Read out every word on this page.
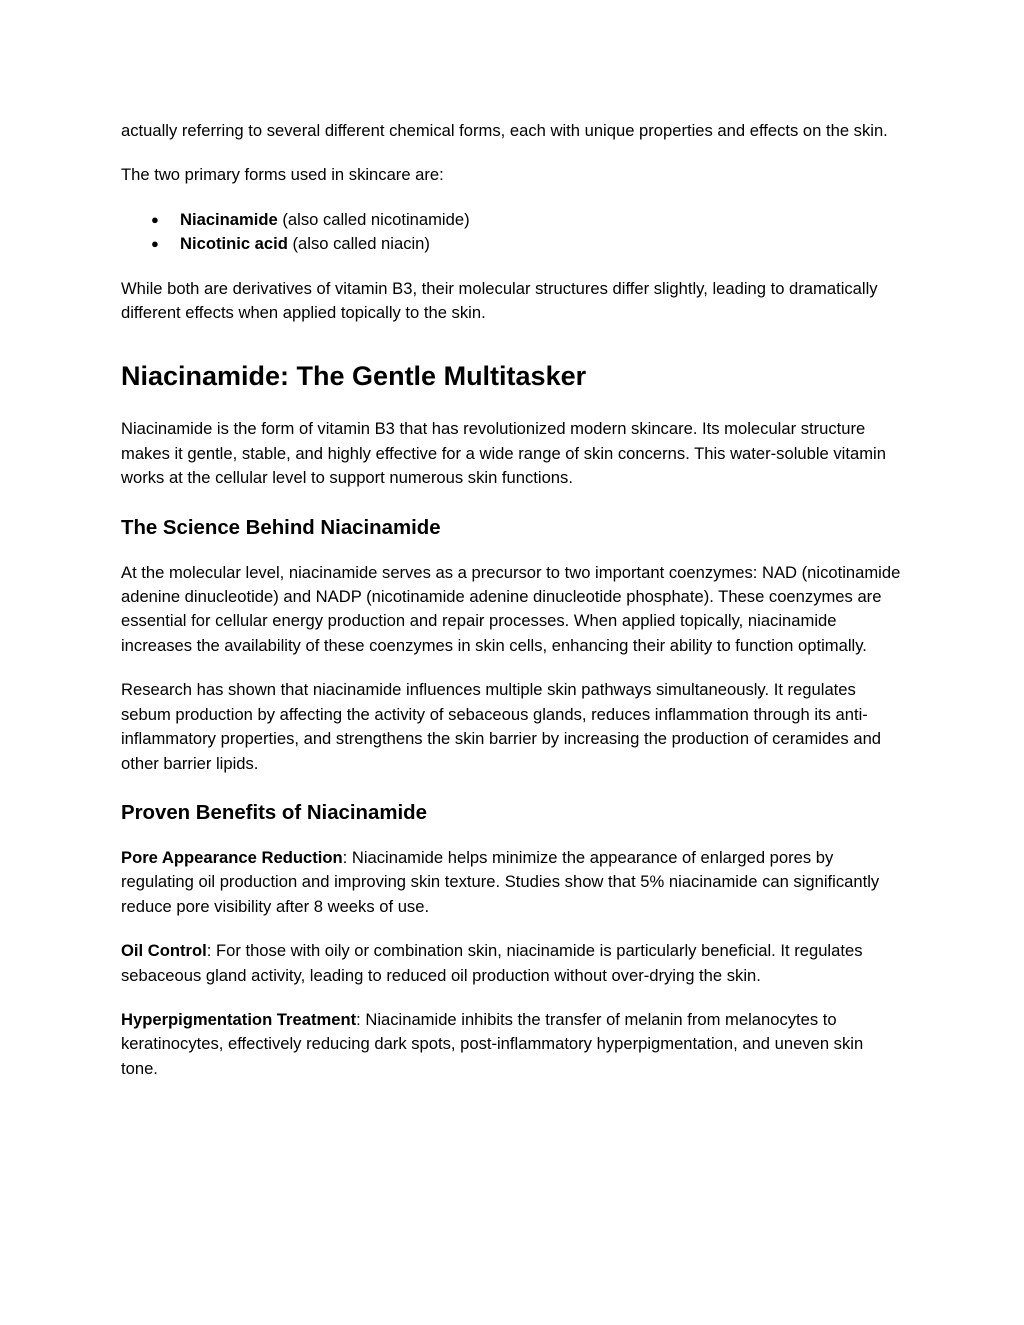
actually referring to several different chemical forms, each with unique properties and effects on the skin.

The two primary forms used in skincare are:

● Niacinamide (also called nicotinamide)
● Nicotinic acid (also called niacin)

While both are derivatives of vitamin B3, their molecular structures differ slightly, leading to dramatically different effects when applied topically to the skin.

Niacinamide: The Gentle Multitasker

Niacinamide is the form of vitamin B3 that has revolutionized modern skincare. Its molecular structure makes it gentle, stable, and highly effective for a wide range of skin concerns. This water-soluble vitamin works at the cellular level to support numerous skin functions.

The Science Behind Niacinamide

At the molecular level, niacinamide serves as a precursor to two important coenzymes: NAD (nicotinamide adenine dinucleotide) and NADP (nicotinamide adenine dinucleotide phosphate). These coenzymes are essential for cellular energy production and repair processes. When applied topically, niacinamide increases the availability of these coenzymes in skin cells, enhancing their ability to function optimally.

Research has shown that niacinamide influences multiple skin pathways simultaneously. It regulates sebum production by affecting the activity of sebaceous glands, reduces inflammation through its anti-inflammatory properties, and strengthens the skin barrier by increasing the production of ceramides and other barrier lipids.

Proven Benefits of Niacinamide

Pore Appearance Reduction: Niacinamide helps minimize the appearance of enlarged pores by regulating oil production and improving skin texture. Studies show that 5% niacinamide can significantly reduce pore visibility after 8 weeks of use.

Oil Control: For those with oily or combination skin, niacinamide is particularly beneficial. It regulates sebaceous gland activity, leading to reduced oil production without over-drying the skin.

Hyperpigmentation Treatment: Niacinamide inhibits the transfer of melanin from melanocytes to keratinocytes, effectively reducing dark spots, post-inflammatory hyperpigmentation, and uneven skin tone.
